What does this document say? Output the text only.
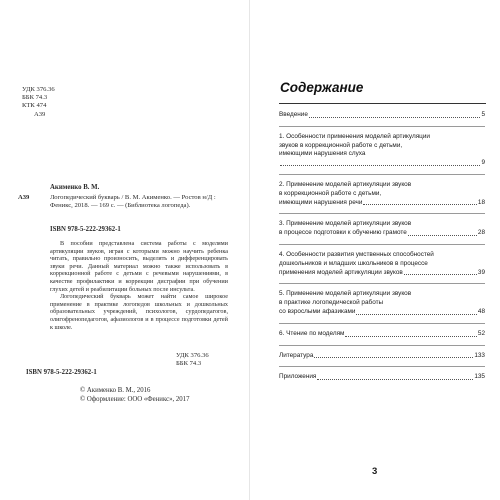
УДК 376.36
ББК 74.3
КТК 474
А39
Акименко В. М.
А39	Логопедический букварь / В. М. Акименко. — Ростов н/Д : Феникс, 2018. — 169 с. — (Библиотека логопеда).
ISBN 978-5-222-29362-1

В пособии представлена система работы с моделями артикуляции звуков, играя с которыми можно научить ребенка читать, правильно произносить, выделять и дифференцировать звуки речи. Данный материал можно также использовать в коррекционной работе с детьми с речевыми нарушениями, в качестве профилактики и коррекции дисграфии при обучении глухих детей и реабилитации больных после инсульта.

Логопедический букварь может найти самое широкое применение в практике логопедов школьных и дошкольных образовательных учреждений, психологов, сурдопедагогов, олигофренопедагогов, афазиологов и в процессе подготовки детей к школе.

УДК 376.36
ББК 74.3
ISBN 978-5-222-29362-1
© Акименко В. М., 2016
© Оформление: ООО «Феникс», 2017
Содержание
Введение	5
1. Особенности применения моделей артикуляции
звуков в коррекционной работе с детьми,
имеющими нарушения слуха
9
2. Применение моделей артикуляции звуков
в коррекционной работе с детьми,
имеющими нарушения речи	18
3. Применение моделей артикуляции звуков
в процессе подготовки к обучению грамоте	28
4. Особенности развития умственных способностей
дошкольников и младших школьников в процессе
применения моделей артикуляции звуков	39
5. Применение моделей артикуляции звуков
в практике логопедической работы
со взрослыми афазиками	48
6. Чтение по моделям	52
Литература	133
Приложения	135
3
